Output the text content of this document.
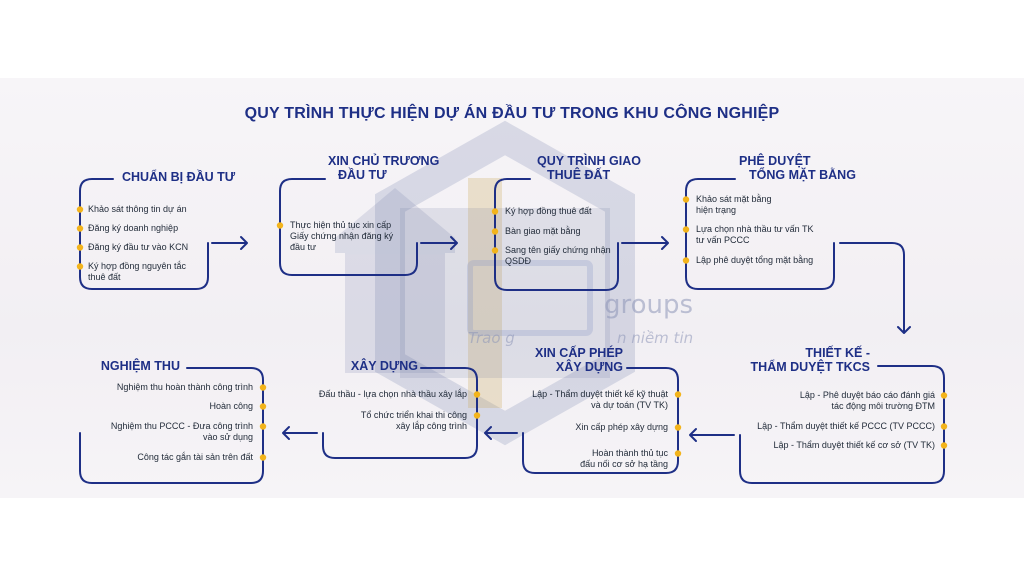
groups
Trao g	n niềm tin
QUY TRÌNH THỰC HIỆN DỰ ÁN ĐẦU TƯ TRONG KHU CÔNG NGHIỆP
CHUẨN BỊ ĐẦU TƯ
Khảo sát thông tin dự án
Đăng ký doanh nghiệp
Đăng ký đầu tư vào KCN
Ký hợp đồng nguyên tắc
thuê đất
XIN CHỦ TRƯƠNG
ĐẦU TƯ
Thực hiện thủ tục xin cấp
Giấy chứng nhận đăng ký
đầu tư
QUY TRÌNH GIAO
THUÊ ĐẤT
Ký hợp đồng thuê đất
Bàn giao mặt bằng
Sang tên giấy chứng nhận
QSDĐ
PHÊ DUYỆT
TỔNG MẶT BẰNG
Khảo sát mặt bằng
hiện trạng
Lựa chọn nhà thầu tư vấn TK
tư vấn PCCC
Lập phê duyệt tổng mặt bằng
THIẾT KẾ -
THẨM DUYỆT TKCS
Lập - Phê duyệt báo cáo đánh giá
tác động môi trường ĐTM
Lập - Thẩm duyệt thiết kế PCCC (TV PCCC)
Lập - Thẩm duyệt thiết kế cơ sở (TV TK)
XIN CẤP PHÉP
XÂY DỰNG
Lập - Thẩm duyệt thiết kế kỹ thuật
và dự toán (TV TK)
Xin cấp phép xây dựng
Hoàn thành thủ tục
đấu nối cơ sở hạ tầng
XÂY DỰNG
Đấu thầu - lựa chọn nhà thầu xây lắp
Tổ chức triển khai thi công
xây lắp công trình
NGHIỆM THU
Nghiệm thu hoàn thành công trình
Hoàn công
Nghiệm thu PCCC - Đưa công trình
vào sử dụng
Công tác gắn tài sản trên đất
